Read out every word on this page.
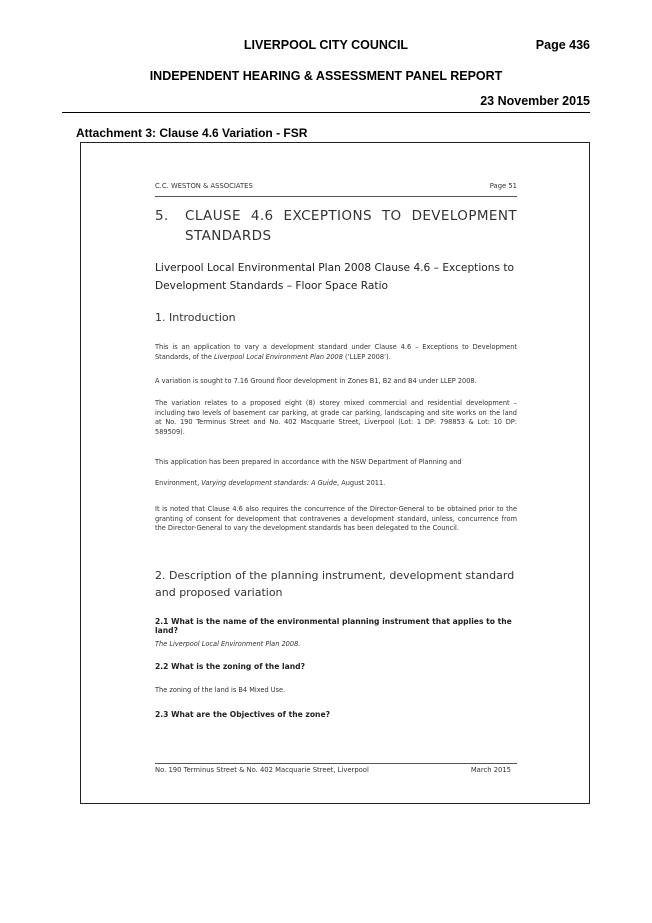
LIVERPOOL CITY COUNCIL	Page 436
INDEPENDENT HEARING & ASSESSMENT PANEL REPORT
23 November 2015
Attachment 3: Clause 4.6 Variation - FSR
C.C. WESTON & ASSOCIATES	Page 51
5. CLAUSE 4.6 EXCEPTIONS TO DEVELOPMENT STANDARDS
Liverpool Local Environmental Plan 2008 Clause 4.6 – Exceptions to Development Standards – Floor Space Ratio
1. Introduction
This is an application to vary a development standard under Clause 4.6 – Exceptions to Development Standards, of the Liverpool Local Environment Plan 2008 (‘LLEP 2008’).
A variation is sought to 7.16 Ground floor development in Zones B1, B2 and B4 under LLEP 2008.
The variation relates to a proposed eight (8) storey mixed commercial and residential development – including two levels of basement car parking, at grade car parking, landscaping and site works on the land at No. 190 Terminus Street and No. 402 Macquarie Street, Liverpool (Lot: 1 DP: 798853 & Lot: 10 DP: 589509).
This application has been prepared in accordance with the NSW Department of Planning and
Environment, Varying development standards: A Guide, August 2011.
It is noted that Clause 4.6 also requires the concurrence of the Director-General to be obtained prior to the granting of consent for development that contravenes a development standard, unless, concurrence from the Director-General to vary the development standards has been delegated to the Council.
2. Description of the planning instrument, development standard and proposed variation
2.1 What is the name of the environmental planning instrument that applies to the land?
The Liverpool Local Environment Plan 2008.
2.2 What is the zoning of the land?
The zoning of the land is B4 Mixed Use.
2.3 What are the Objectives of the zone?
No. 190 Terminus Street & No. 402 Macquarie Street, Liverpool	March 2015
